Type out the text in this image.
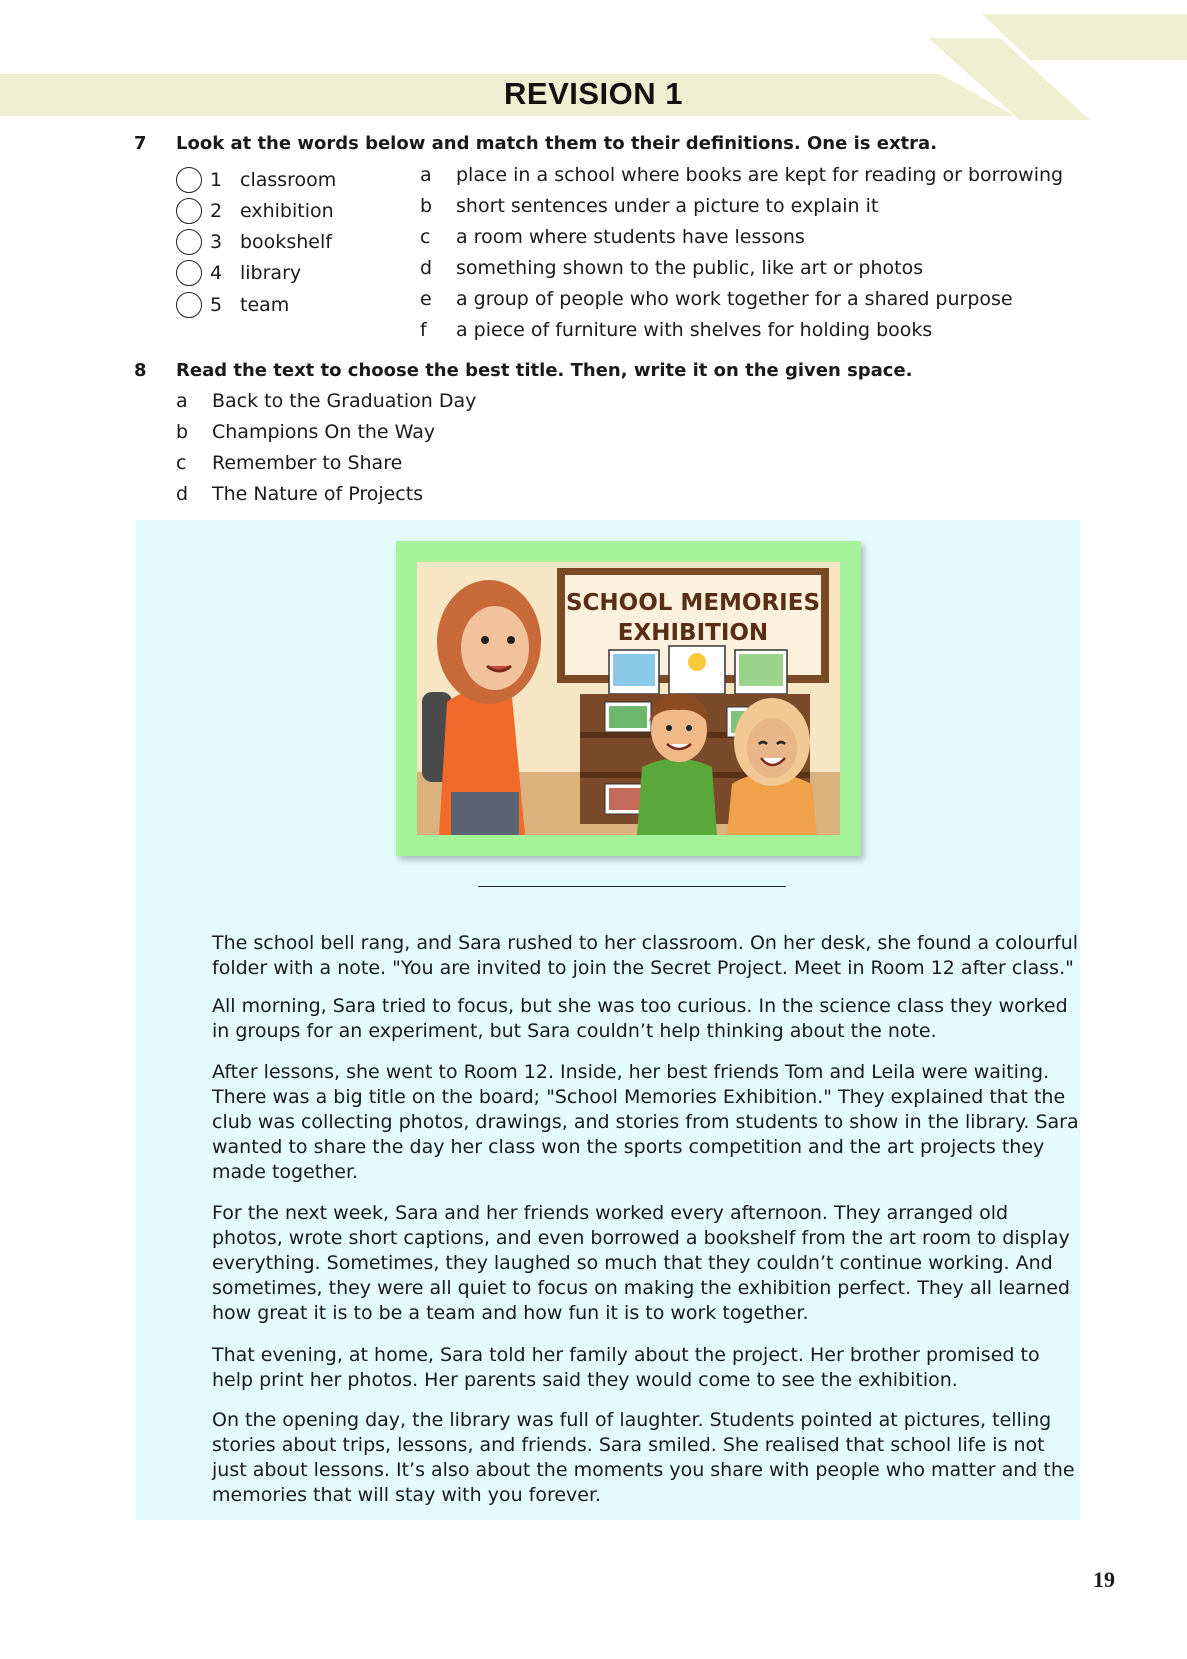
REVISION 1
7 Look at the words below and match them to their definitions. One is extra.
1 classroom
2 exhibition
3 bookshelf
4 library
5 team
a	place in a school where books are kept for reading or borrowing
b	short sentences under a picture to explain it
c	a room where students have lessons
d	something shown to the public, like art or photos
e	a group of people who work together for a shared purpose
f	a piece of furniture with shelves for holding books
8 Read the text to choose the best title. Then, write it on the given space.
a	Back to the Graduation Day
b	Champions On the Way
c	Remember to Share
d	The Nature of Projects
SCHOOL MEMORIES
EXHIBITION
The school bell rang, and Sara rushed to her classroom. On her desk, she found a colourful folder with a note. "You are invited to join the Secret Project. Meet in Room 12 after class."
All morning, Sara tried to focus, but she was too curious. In the science class they worked in groups for an experiment, but Sara couldn’t help thinking about the note.
After lessons, she went to Room 12. Inside, her best friends Tom and Leila were waiting. There was a big title on the board; "School Memories Exhibition." They explained that the club was collecting photos, drawings, and stories from students to show in the library. Sara wanted to share the day her class won the sports competition and the art projects they made together.
For the next week, Sara and her friends worked every afternoon. They arranged old photos, wrote short captions, and even borrowed a bookshelf from the art room to display everything. Sometimes, they laughed so much that they couldn’t continue working. And sometimes, they were all quiet to focus on making the exhibition perfect. They all learned how great it is to be a team and how fun it is to work together.
That evening, at home, Sara told her family about the project. Her brother promised to help print her photos. Her parents said they would come to see the exhibition.
On the opening day, the library was full of laughter. Students pointed at pictures, telling stories about trips, lessons, and friends. Sara smiled. She realised that school life is not just about lessons. It’s also about the moments you share with people who matter and the memories that will stay with you forever.
19
